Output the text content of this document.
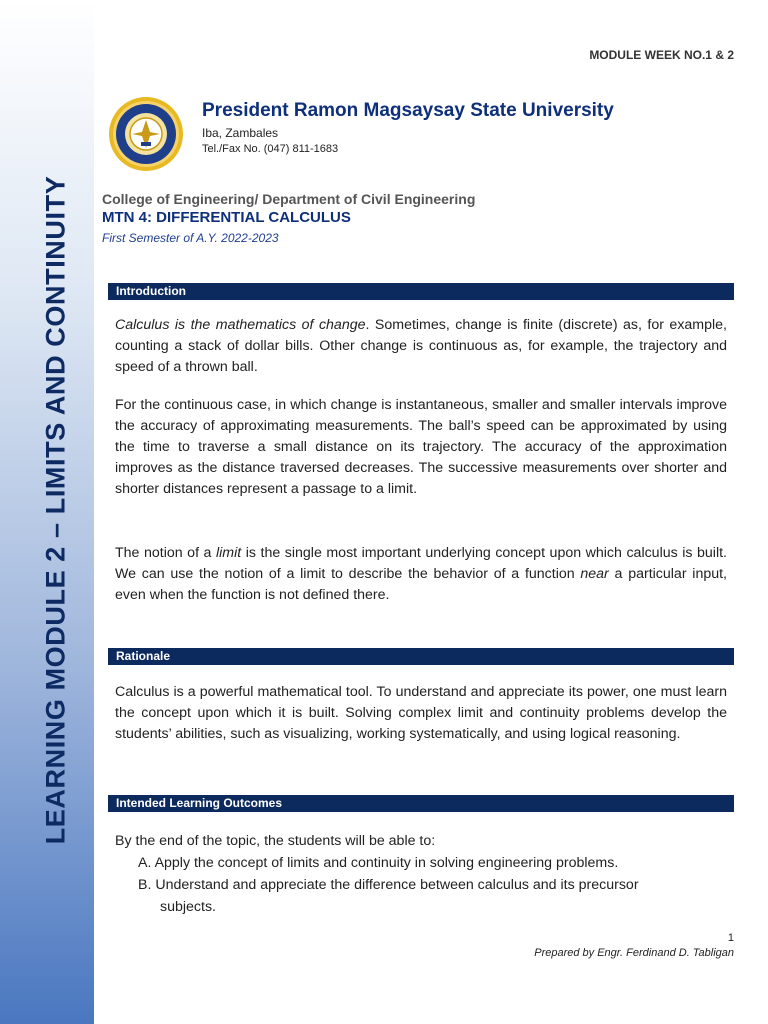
LEARNING MODULE 2 – LIMITS AND CONTINUITY
MODULE WEEK NO.1 & 2
President Ramon Magsaysay State University
Iba, Zambales
Tel./Fax No. (047) 811-1683
College of Engineering/ Department of Civil Engineering
MTN 4: DIFFERENTIAL CALCULUS
First Semester of A.Y. 2022-2023
Introduction
Calculus is the mathematics of change. Sometimes, change is finite (discrete) as, for example, counting a stack of dollar bills. Other change is continuous as, for example, the trajectory and speed of a thrown ball.
For the continuous case, in which change is instantaneous, smaller and smaller intervals improve the accuracy of approximating measurements. The ball’s speed can be approximated by using the time to traverse a small distance on its trajectory. The accuracy of the approximation improves as the distance traversed decreases. The successive measurements over shorter and shorter distances represent a passage to a limit.
The notion of a limit is the single most important underlying concept upon which calculus is built. We can use the notion of a limit to describe the behavior of a function near a particular input, even when the function is not defined there.
Rationale
Calculus is a powerful mathematical tool. To understand and appreciate its power, one must learn the concept upon which it is built. Solving complex limit and continuity problems develop the students’ abilities, such as visualizing, working systematically, and using logical reasoning.
Intended Learning Outcomes
By the end of the topic, the students will be able to:
A. Apply the concept of limits and continuity in solving engineering problems.
B. Understand and appreciate the difference between calculus and its precursor
subjects.
1
Prepared by Engr. Ferdinand D. Tabligan
